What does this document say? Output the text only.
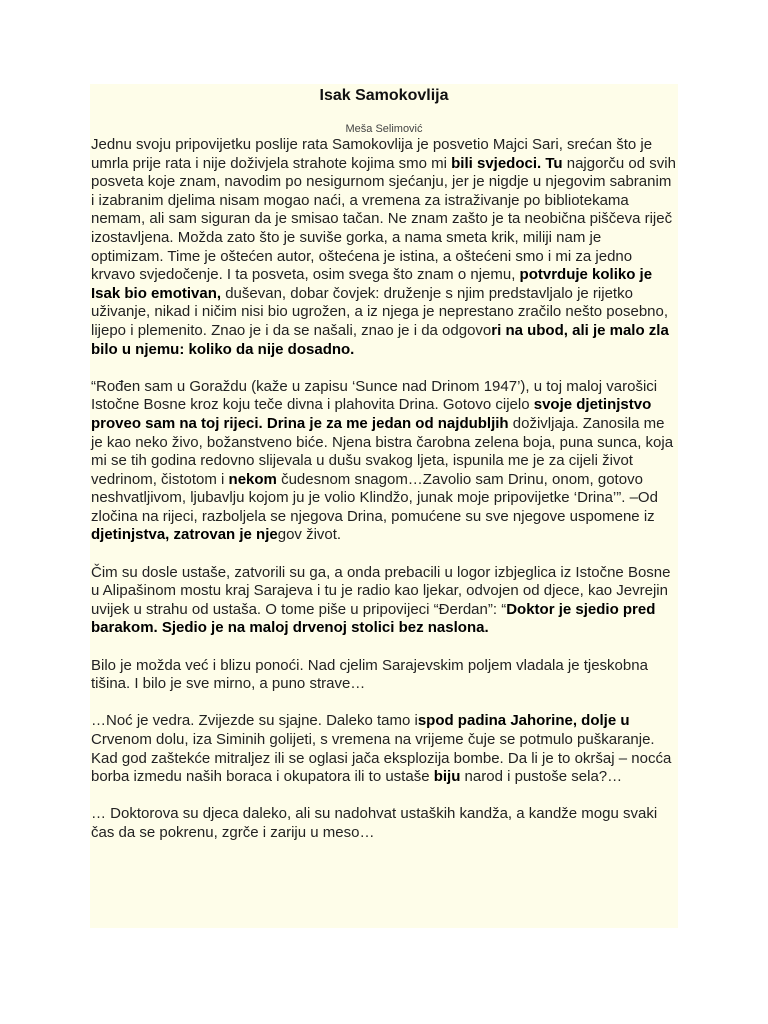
Isak Samokovlija
Meša Selimović

Jednu svoju pripovijetku poslije rata Samokovlija je posvetio Majci Sari, srećan što je umrla prije rata i nije doživjela strahote kojima smo mi bili svjedoci. Tu najgorču od svih posveta koje znam, navodim po nesigurnom sjećanju, jer je nigdje u njegovim sabranim i izabranim djelima nisam mogao naći, a vremena za istraživanje po bibliotekama nemam, ali sam siguran da je smisao tačan. Ne znam zašto je ta neobična piščeva riječ izostavljena. Možda zato što je suviše gorka, a nama smeta krik, miliji nam je optimizam. Time je oštećen autor, oštećena je istina, a oštećeni smo i mi za jedno krvavo svjedočenje. I ta posveta, osim svega što znam o njemu, potvrduje koliko je Isak bio emotivan, duševan, dobar čovjek: druženje s njim predstavljalo je rijetko uživanje, nikad i ničim nisi bio ugrožen, a iz njega je neprestano zračilo nešto posebno, lijepo i plemenito. Znao je i da se našali, znao je i da odgovori na ubod, ali je malo zla bilo u njemu: koliko da nije dosadno.

“Rođen sam u Goraždu (kaže u zapisu ‘Sunce nad Drinom 1947’), u toj maloj varošici Istočne Bosne kroz koju teče divna i plahovita Drina. Gotovo cijelo svoje djetinjstvo proveo sam na toj rijeci. Drina je za me jedan od najdubljih doživljaja. Zanosila me je kao neko živo, božanstveno biće. Njena bistra čarobna zelena boja, puna sunca, koja mi se tih godina redovno slijevala u dušu svakog ljeta, ispunila me je za cijeli život vedrinom, čistotom i nekom čudesnom snagom…Zavolio sam Drinu, onom, gotovo neshvatljivom, ljubavlju kojom ju je volio Klindžo, junak moje pripovijetke ‘Drina’”. –Od zločina na rijeci, razboljela se njegova Drina, pomućene su sve njegove uspomene iz djetinjstva, zatrovan je njegov život.

Čim su dosle ustaše, zatvorili su ga, a onda prebacili u logor izbjeglica iz Istočne Bosne u Alipašinom mostu kraj Sarajeva i tu je radio kao ljekar, odvojen od djece, kao Jevrejin uvijek u strahu od ustaša. O tome piše u pripovijeci “Đerdan”: “Doktor je sjedio pred barakom. Sjedio je na maloj drvenoj stolici bez naslona.

Bilo je možda već i blizu ponoći. Nad cjelim Sarajevskim poljem vladala je tjeskobna tišina. I bilo je sve mirno, a puno strave…

…Noć je vedra. Zvijezde su sjajne. Daleko tamo ispod padina Jahorine, dolje u Crvenom dolu, iza Siminih golijeti, s vremena na vrijeme čuje se potmulo puškaranje. Kad god zaštekće mitraljez ili se oglasi jača eksplozija bombe. Da li je to okršaj – nocća borba izmedu naših boraca i okupatora ili to ustaše biju narod i pustoše sela?…

… Doktorova su djeca daleko, ali su nadohvat ustaških kandža, a kandže mogu svaki čas da se pokrenu, zgrče i zariju u meso…
